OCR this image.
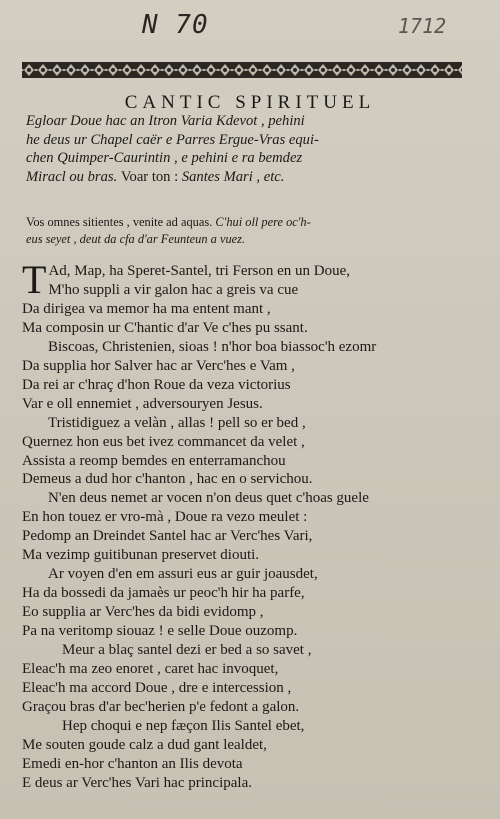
N 70	1712
CANTIC SPIRITUEL
Egloar Doue hac an Itron Varia Kdevot , pehini
he deus ur Chapel caër e Parres Ergue-Vras equi-
chen Quimper-Caurintin , e pehini e ra bemdez
Miracl ou bras. Voar ton : Santes Mari , etc.
Vos omnes sitientes , venite ad aquas. C'hui oll pere oc'h-
eus seyet , deut da cfa d'ar Feunteun a vuez.
T Ad, Map, ha Speret-Santel, tri Ferson en un Doue,
M'ho suppli a vir galon hac a greis va cue
Da dirigea va memor ha ma entent mant ,
Ma composin ur C'hantic d'ar Ve c'hes pu ssant.
Biscoas, Christenien, sioas ! n'hor boa biassoc'h ezomr
Da supplia hor Salver hac ar Verc'hes e Vam ,
Da rei ar c'hraç d'hon Roue da veza victorius
Var e oll ennemiet , adversouryen Jesus.
Tristidiguez a velàn , allas ! pell so er bed ,
Quernez hon eus bet ivez commancet da velet ,
Assista a reomp bemdes en enterramanchou
Demeus a dud hor c'hanton , hac en o servichou.
N'en deus nemet ar vocen n'on deus quet c'hoas guele
En hon touez er vro-mà , Doue ra vezo meulet :
Pedomp an Dreindet Santel hac ar Verc'hes Vari,
Ma vezimp guitibunan preservet diouti.
Ar voyen d'en em assuri eus ar guir joausdet,
Ha da bossedi da jamaès ur peoc'h hir ha parfe,
Eo supplia ar Verc'hes da bidi evidomp ,
Pa na veritomp siouaz ! e selle Doue ouzomp.
Meur a blaç santel dezi er bed a so savet ,
Eleac'h ma zeo enoret , caret hac invoquet,
Eleac'h ma accord Doue , dre e intercession ,
Graçou bras d'ar bec'herien p'e fedont a galon.
Hep choqui e nep fæçon Ilis Santel ebet,
Me souten goude calz a dud gant lealdet,
Emedi en-hor c'hanton an Ilis devota
E deus ar Verc'hes Vari hac principala.
